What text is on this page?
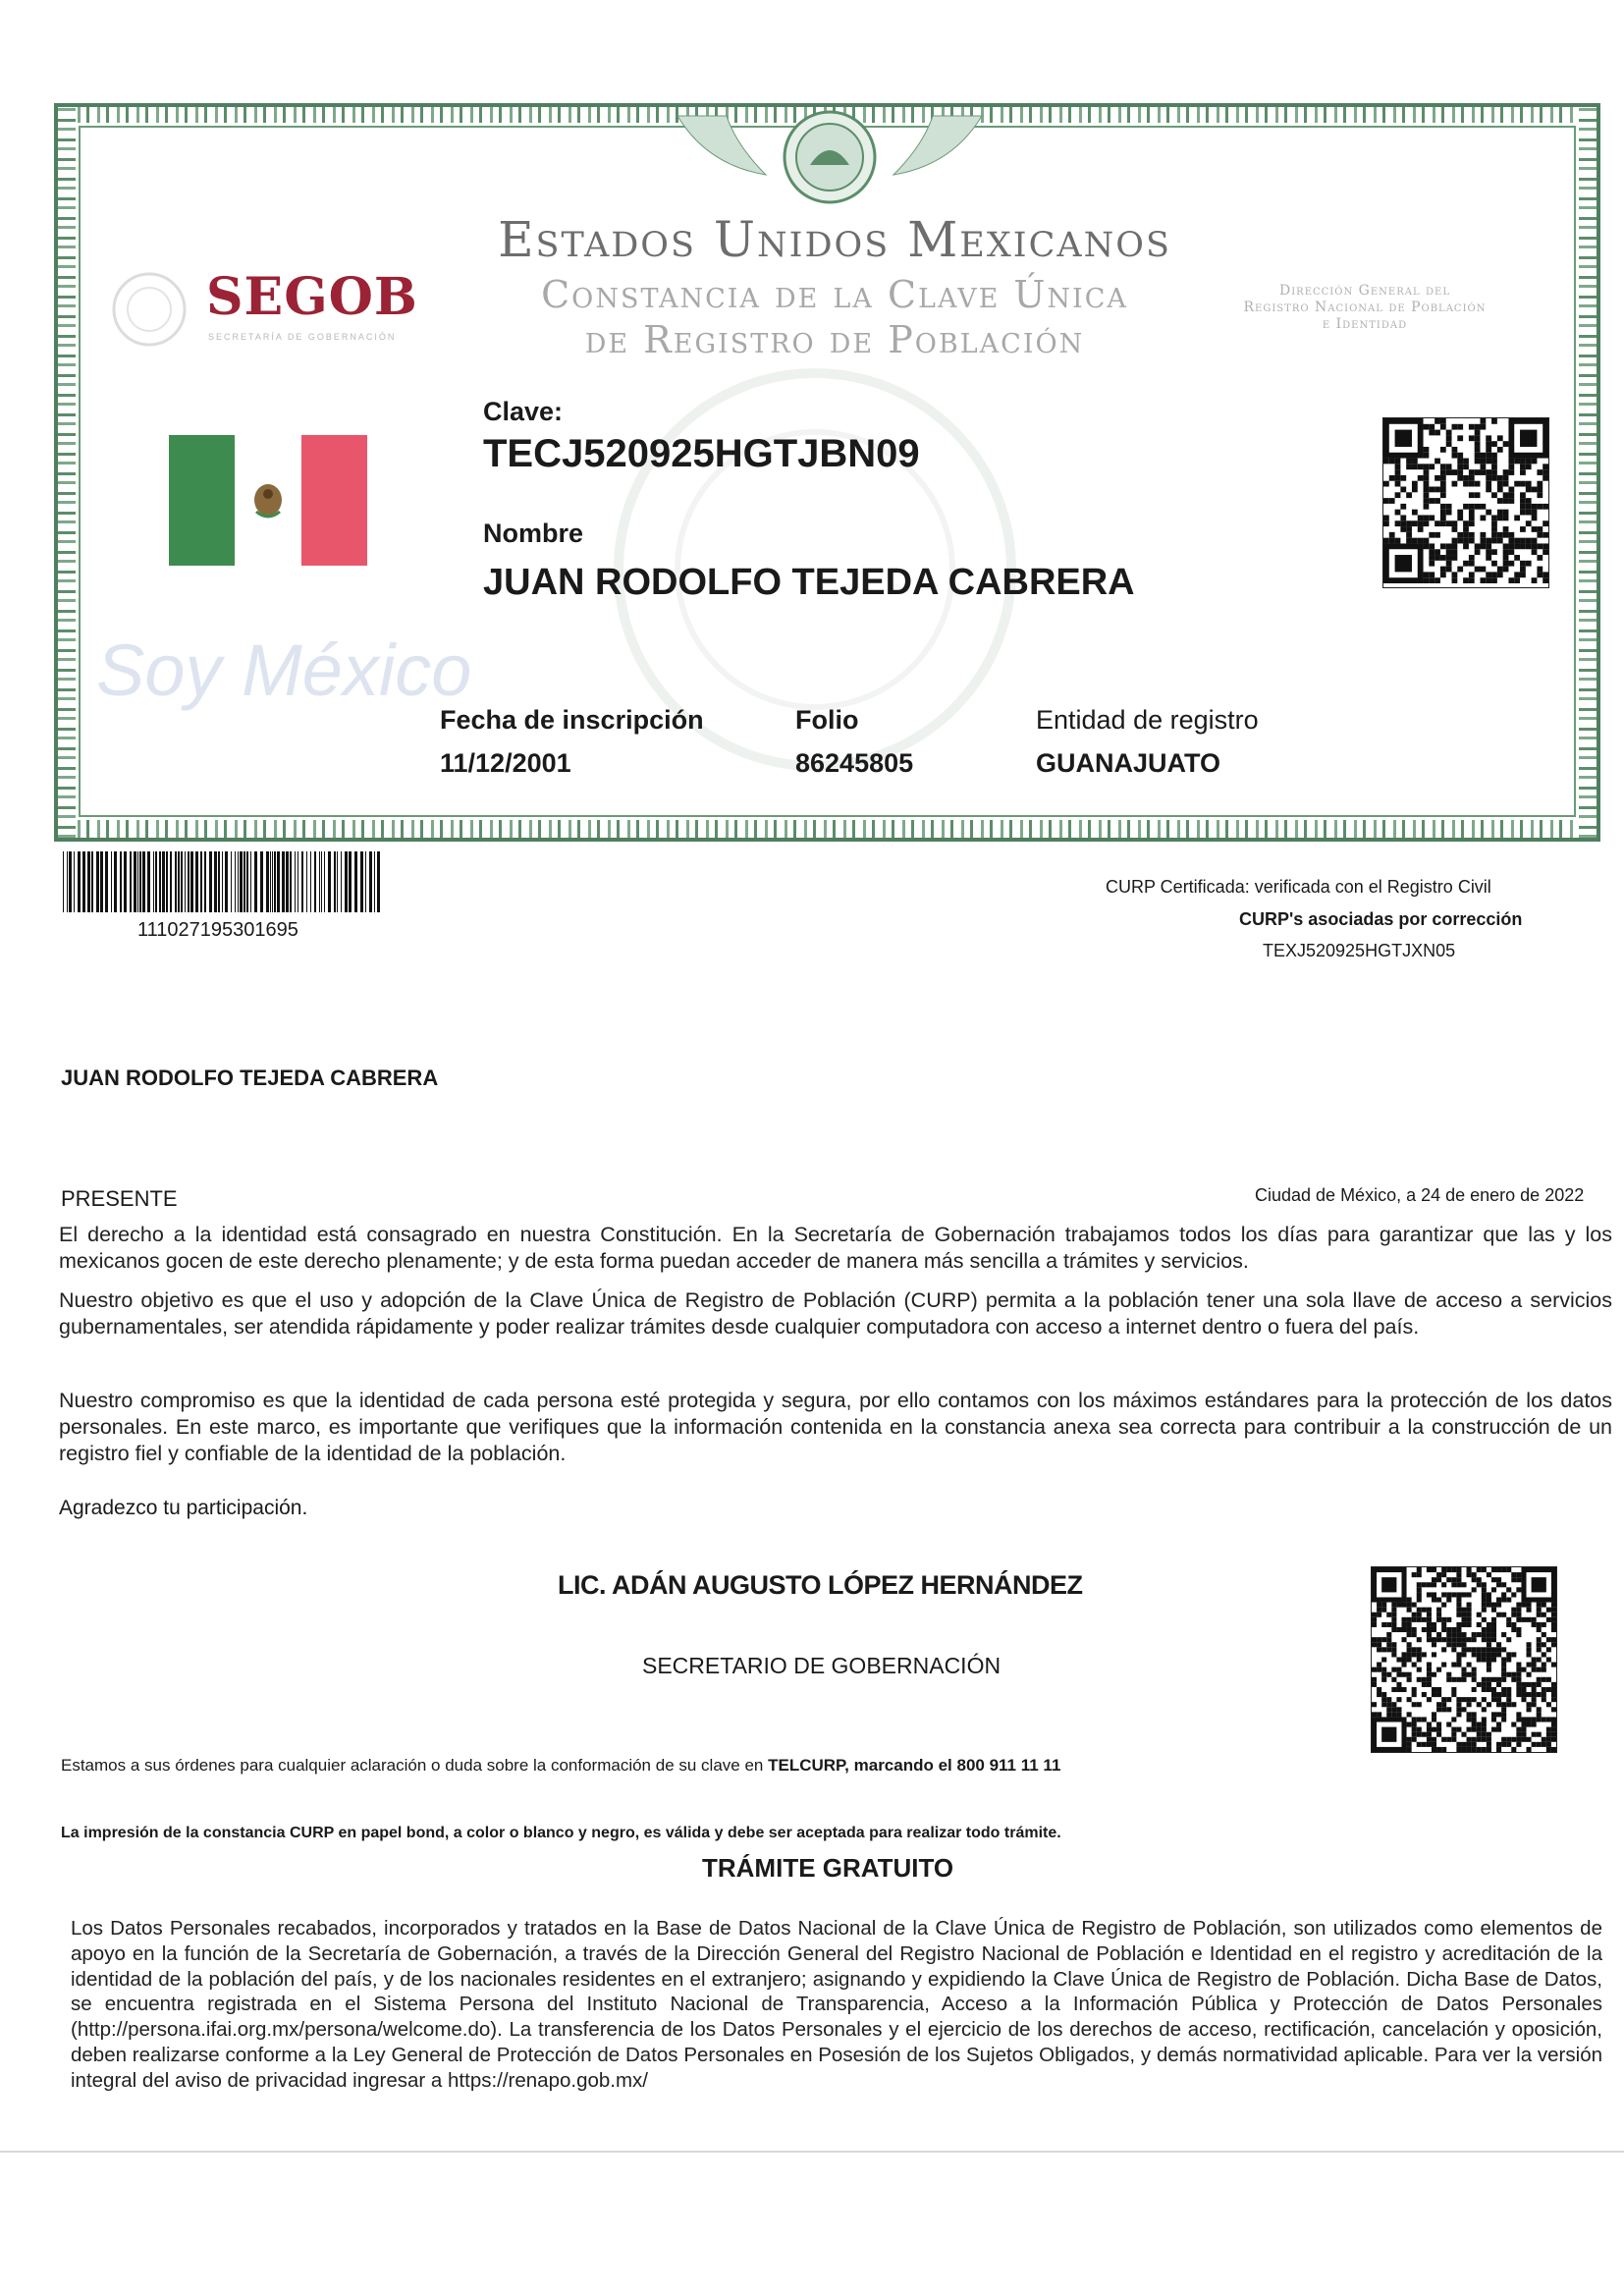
SEGOB
SECRETARÍA DE GOBERNACIÓN
Estados Unidos Mexicanos
Constancia de la Clave Única
de Registro de Población
Dirección General del
Registro Nacional de Población
e Identidad
Soy México
Clave:
TECJ520925HGTJBN09
Nombre
JUAN RODOLFO TEJEDA CABRERA
Fecha de inscripción
11/12/2001
Folio
86245805
Entidad de registro
GUANAJUATO
111027195301695
CURP Certificada: verificada con el Registro Civil
CURP's asociadas por corrección
TEXJ520925HGTJXN05
JUAN RODOLFO TEJEDA CABRERA
PRESENTE	Ciudad de México, a 24 de enero de 2022
El derecho a la identidad está consagrado en nuestra Constitución. En la Secretaría de Gobernación trabajamos todos los días para garantizar que las y los mexicanos gocen de este derecho plenamente; y de esta forma puedan acceder de manera más sencilla a trámites y servicios.
Nuestro objetivo es que el uso y adopción de la Clave Única de Registro de Población (CURP) permita a la población tener una sola llave de acceso a servicios gubernamentales, ser atendida rápidamente y poder realizar trámites desde cualquier computadora con acceso a internet dentro o fuera del país.
Nuestro compromiso es que la identidad de cada persona esté protegida y segura, por ello contamos con los máximos estándares para la protección de los datos personales. En este marco, es importante que verifiques que la información contenida en la constancia anexa sea correcta para contribuir a la construcción de un registro fiel y confiable de la identidad de la población.
Agradezco tu participación.
LIC. ADÁN AUGUSTO LÓPEZ HERNÁNDEZ
SECRETARIO DE GOBERNACIÓN
Estamos a sus órdenes para cualquier aclaración o duda sobre la conformación de su clave en TELCURP, marcando el 800 911 11 11
La impresión de la constancia CURP en papel bond, a color o blanco y negro, es válida y debe ser aceptada para realizar todo trámite.
TRÁMITE GRATUITO
Los Datos Personales recabados, incorporados y tratados en la Base de Datos Nacional de la Clave Única de Registro de Población, son utilizados como elementos de apoyo en la función de la Secretaría de Gobernación, a través de la Dirección General del Registro Nacional de Población e Identidad en el registro y acreditación de la identidad de la población del país, y de los nacionales residentes en el extranjero; asignando y expidiendo la Clave Única de Registro de Población. Dicha Base de Datos, se encuentra registrada en el Sistema Persona del Instituto Nacional de Transparencia, Acceso a la Información Pública y Protección de Datos Personales (http://persona.ifai.org.mx/persona/welcome.do). La transferencia de los Datos Personales y el ejercicio de los derechos de acceso, rectificación, cancelación y oposición, deben realizarse conforme a la Ley General de Protección de Datos Personales en Posesión de los Sujetos Obligados, y demás normatividad aplicable. Para ver la versión integral del aviso de privacidad ingresar a https://renapo.gob.mx/
